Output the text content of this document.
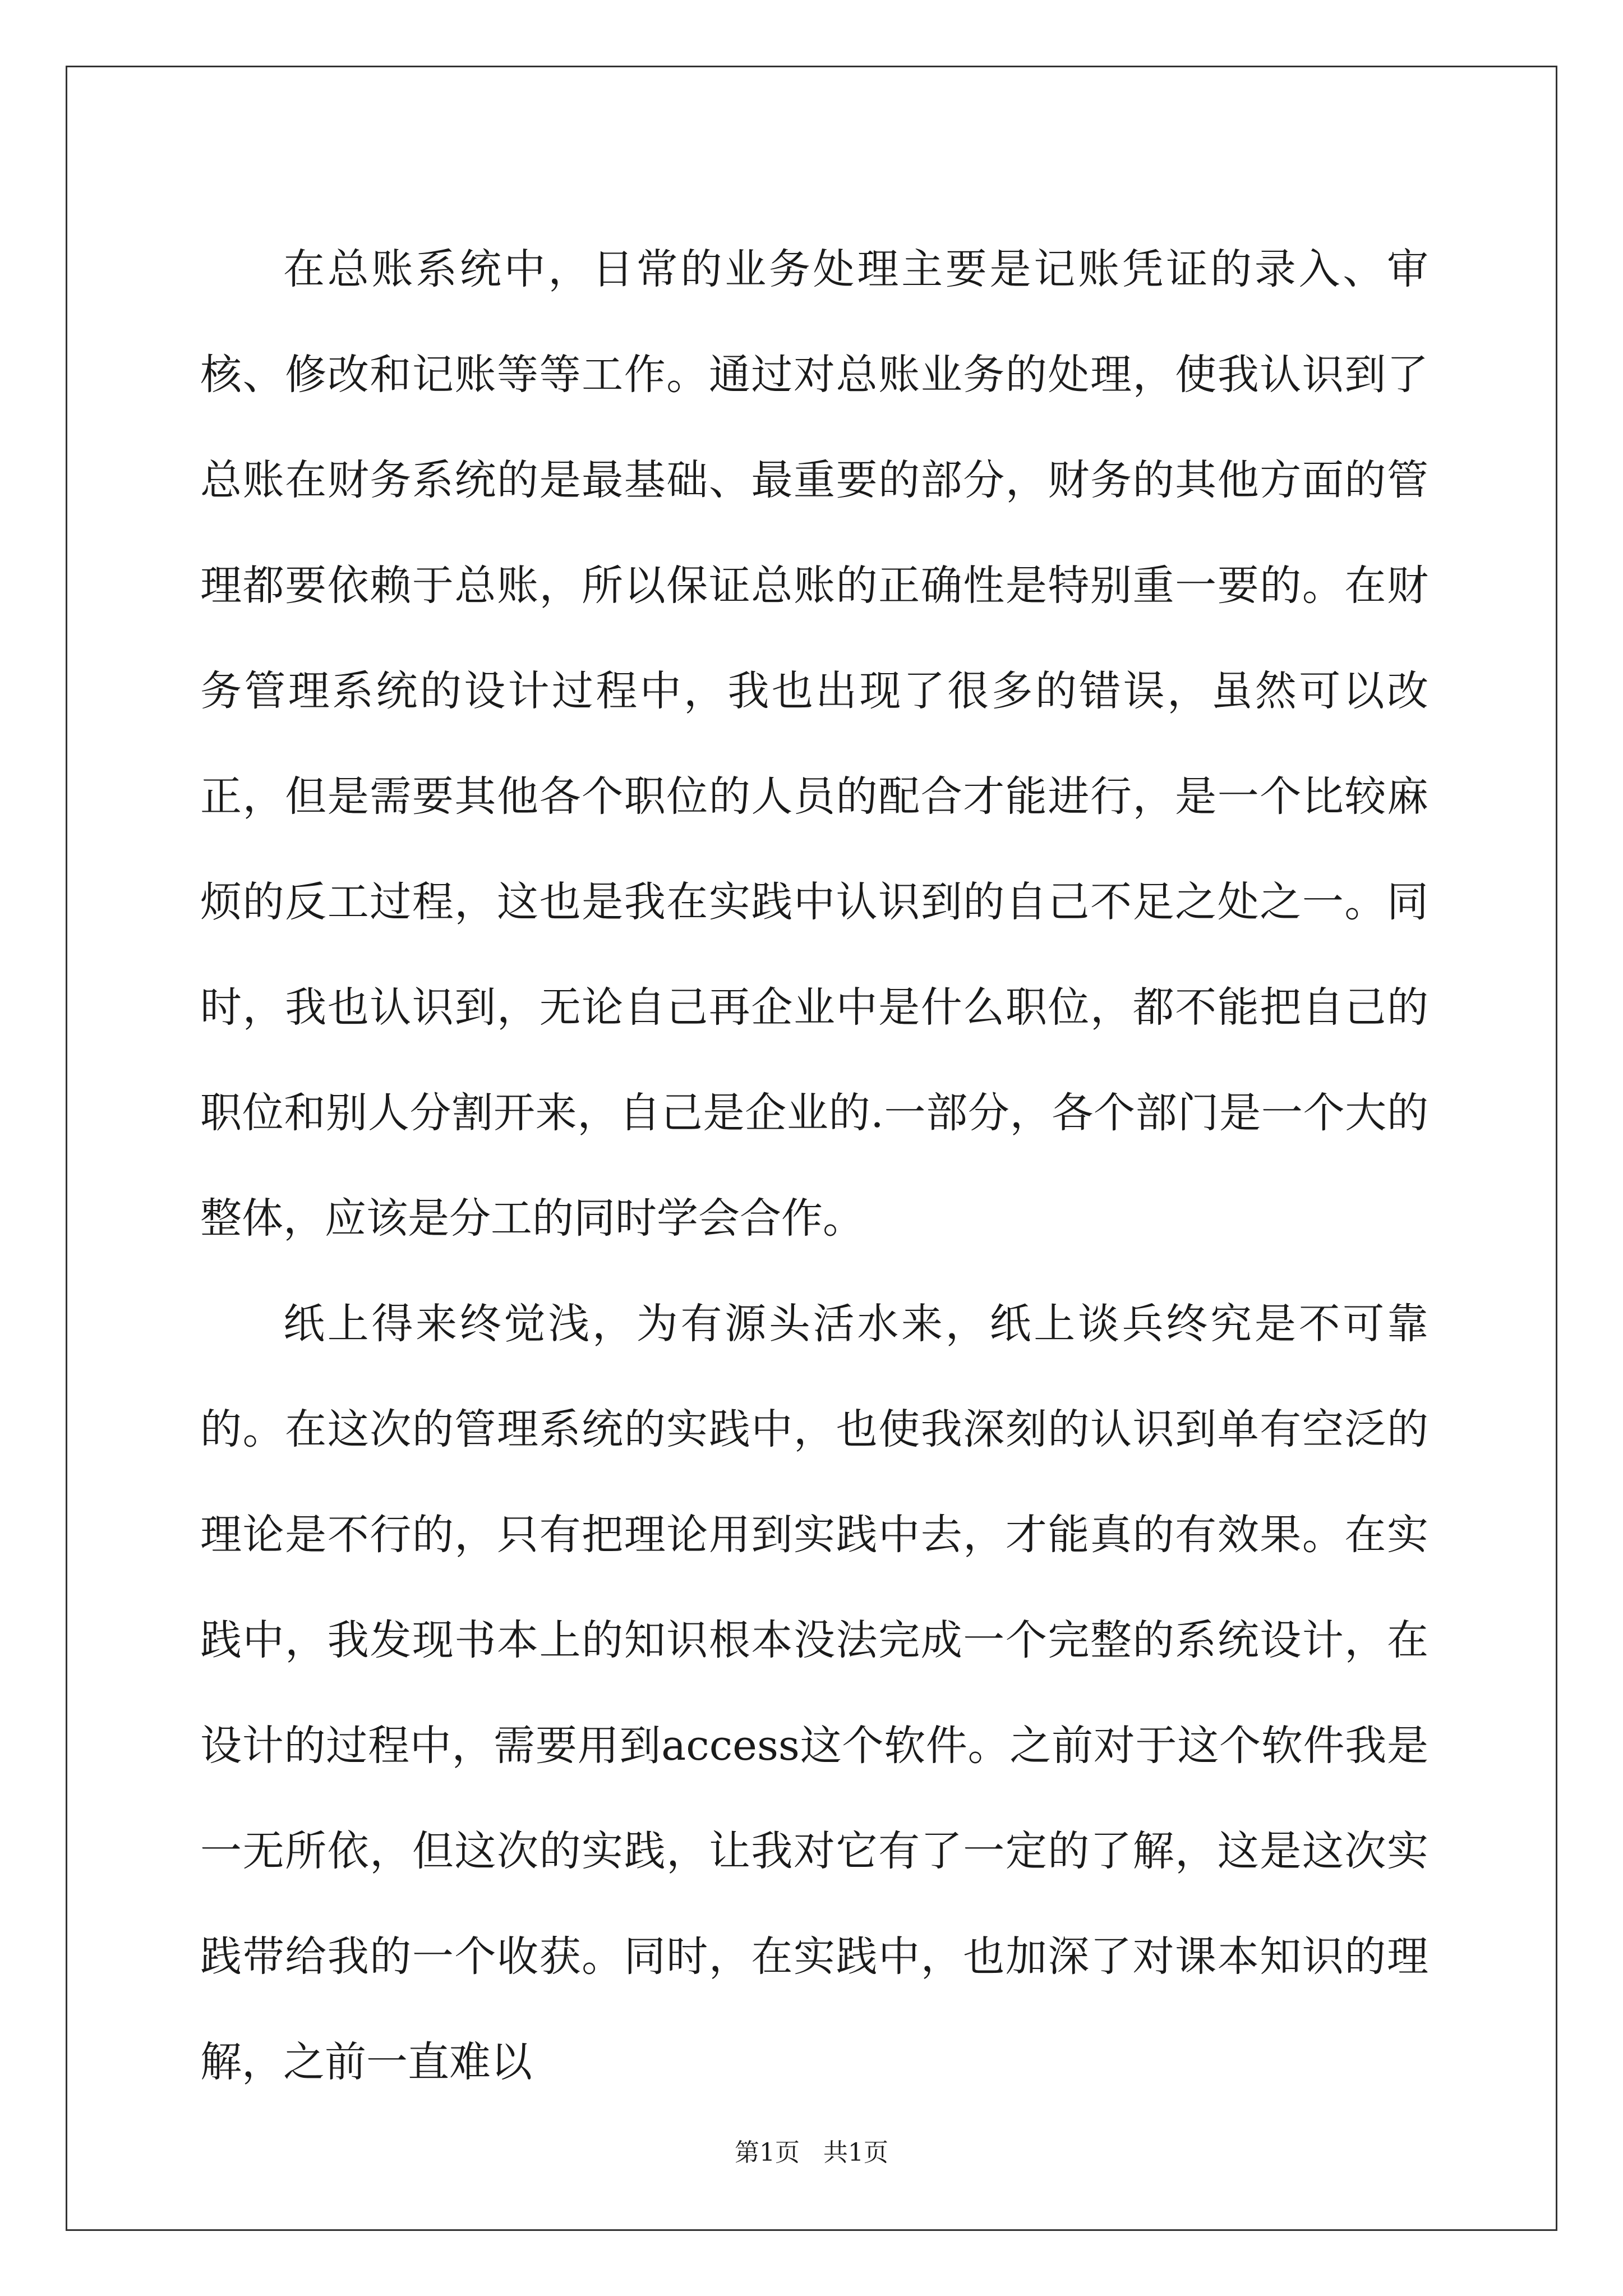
在总账系统中，日常的业务处理主要是记账凭证的录入、审核、修改和记账等等工作。通过对总账业务的处理，使我认识到了总账在财务系统的是最基础、最重要的部分，财务的其他方面的管理都要依赖于总账，所以保证总账的正确性是特别重一要的。在财务管理系统的设计过程中，我也出现了很多的错误，虽然可以改正，但是需要其他各个职位的人员的配合才能进行，是一个比较麻烦的反工过程，这也是我在实践中认识到的自己不足之处之一。同时，我也认识到，无论自己再企业中是什么职位，都不能把自己的职位和别人分割开来，自己是企业的.一部分，各个部门是一个大的整体，应该是分工的同时学会合作。

纸上得来终觉浅，为有源头活水来，纸上谈兵终究是不可靠的。在这次的管理系统的实践中，也使我深刻的认识到单有空泛的理论是不行的，只有把理论用到实践中去，才能真的有效果。在实践中，我发现书本上的知识根本没法完成一个完整的系统设计，在设计的过程中，需要用到access这个软件。之前对于这个软件我是一无所依，但这次的实践，让我对它有了一定的了解，这是这次实践带给我的一个收获。同时，在实践中，也加深了对课本知识的理解，之前一直难以

第1页   共1页
